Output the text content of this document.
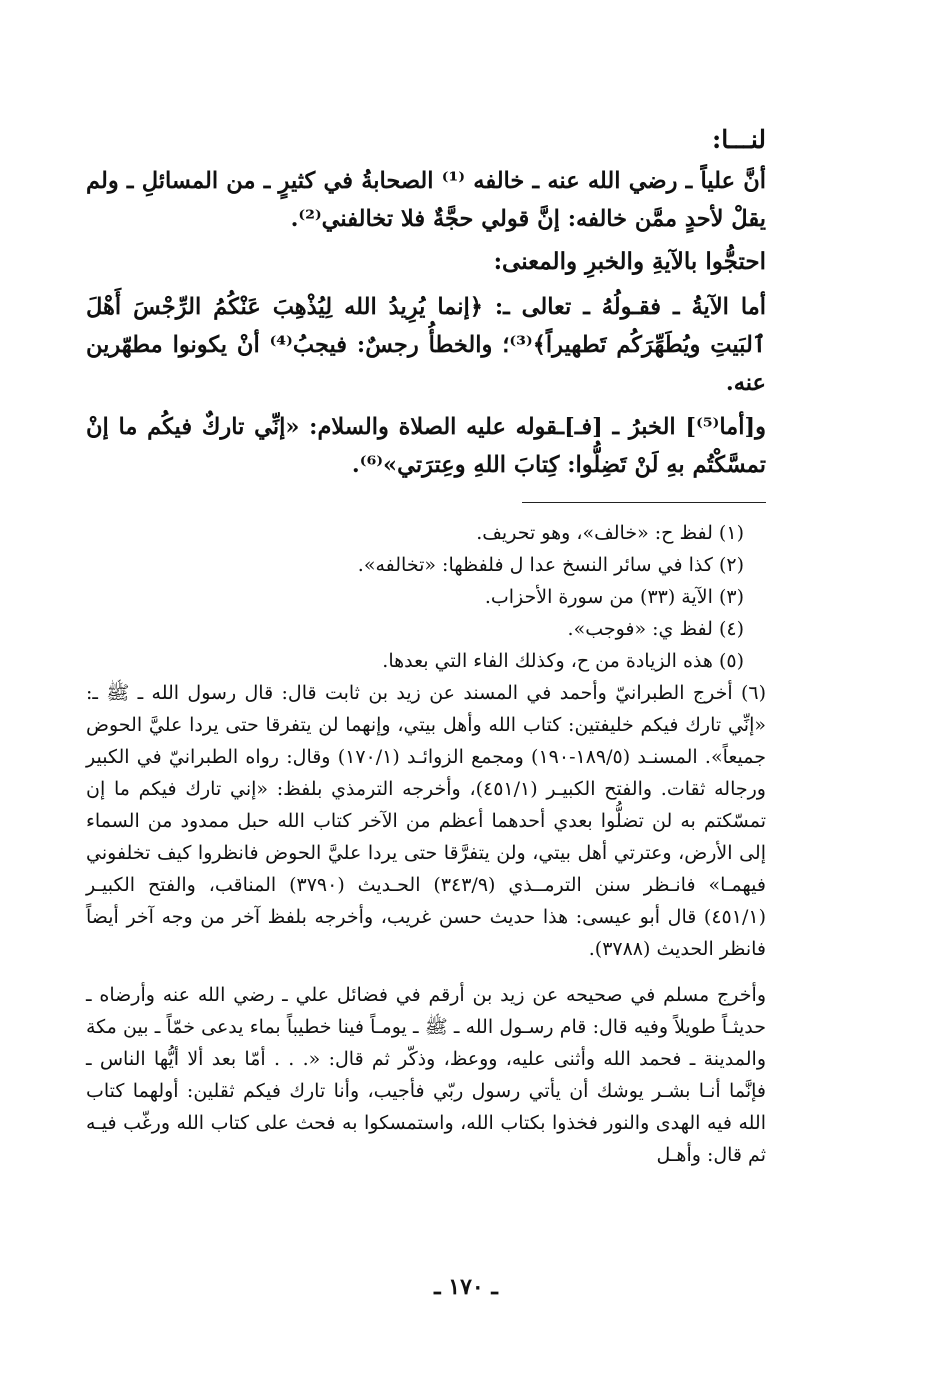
لنـــا:

أنَّ علياً ـ رضي الله عنه ـ خالفه ⁽¹⁾ الصحابةُ في كثيرٍ ـ من المسائلِ ـ ولم يقلْ لأحدٍ ممَّن خالفه: إنَّ قولي حجَّةٌ فلا تخالفني⁽²⁾.

احتجُّوا بالآيةِ والخبرِ والمعنى:

أما الآيةُ ـ فقـولُهُ ـ تعالى ـ: ﴿إنما يُرِيدُ الله لِيُذْهِبَ عَنْكُمُ الرِّجْسَ أَهْلَ ٱلبَيتِ ويُطَهِّرَكُم تَطهيراً﴾⁽³⁾؛ والخطأُ رجسٌ: فيجبُ⁽⁴⁾ أنْ يكونوا مطهّرين عنه.

و[أما⁽⁵⁾] الخبرُ ـ [فـ]ـقوله عليه الصلاة والسلام: «إنِّي تاركٌ فيكُم ما إنْ تمسَّكْتُم بهِ لَنْ تَضِلُّوا: كِتابَ اللهِ وعِترَتي»⁽⁶⁾.

(١) لفظ ح: «خالف»، وهو تحريف.

(٢) كذا في سائر النسخ عدا ل فلفظها: «تخالفه».

(٣) الآية (٣٣) من سورة الأحزاب.

(٤) لفظ ي: «فوجب».

(٥) هذه الزيادة من ح، وكذلك الفاء التي بعدها.

(٦) أخرج الطبرانيّ وأحمد في المسند عن زيد بن ثابت قال: قال رسول الله ـ ﷺ ـ: «إنِّي تارك فيكم خليفتين: كتاب الله وأهل بيتي، وإنهما لن يتفرقا حتى يردا عليَّ الحوض جميعاً». المسنـد (١٨٩/٥-١٩٠) ومجمع الزوائـد (١٧٠/١) وقال: رواه الطبرانيّ في الكبير ورجاله ثقات. والفتح الكبيـر (٤٥١/١)، وأخرجه الترمذي بلفظ: «إني تارك فيكم ما إن تمسّكتم به لن تضلُّوا بعدي أحدهما أعظم من الآخر كتاب الله حبل ممدود من السماء إلى الأرض، وعترتي أهل بيتي، ولن يتفرَّقا حتى يردا عليَّ الحوض فانظروا كيف تخلفوني فيهمـا» فانـظر سنن الترمــذي (٣٤٣/٩) الحـديث (٣٧٩٠) المناقب، والفتح الكبيـر (٤٥١/١) قال أبو عيسى: هذا حديث حسن غريب، وأخرجه بلفظ آخر من وجه آخر أيضاً فانظر الحديث (٣٧٨٨).

وأخرج مسلم في صحيحه عن زيد بن أرقم في فضائل علي ـ رضي الله عنه وأرضاه ـ حديثـاً طويلاً وفيه قال: قام رسـول الله ـ ﷺ ـ يومـاً فينا خطيباً بماء يدعى خمّاً ـ بين مكة والمدينة ـ فحمد الله وأثنى عليه، ووعظ، وذكّر ثم قال: «. . . أمّا بعد ألا أيُّها الناس ـ فإنَّما أنـا بشـر يوشك أن يأتي رسول ربّي فأجيب، وأنا تارك فيكم ثقلين: أولهما كتاب الله فيه الهدى والنور فخذوا بكتاب الله، واستمسكوا به فحث على كتاب الله ورغّب فيـه ثم قال: وأهـل

ـ ١٧٠ ـ
